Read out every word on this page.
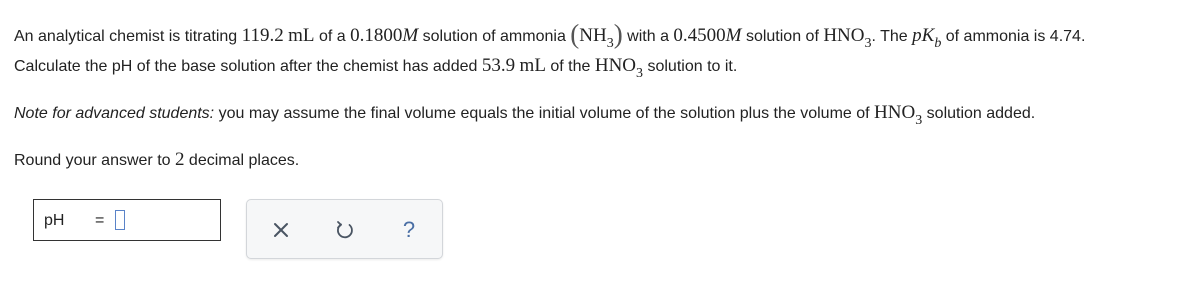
An analytical chemist is titrating 119.2 mL of a 0.1800M solution of ammonia (NH3) with a 0.4500M solution of HNO3. The pKb of ammonia is 4.74.
Calculate the pH of the base solution after the chemist has added 53.9 mL of the HNO3 solution to it.
Note for advanced students: you may assume the final volume equals the initial volume of the solution plus the volume of HNO3 solution added.
Round your answer to 2 decimal places.
pH =	?
